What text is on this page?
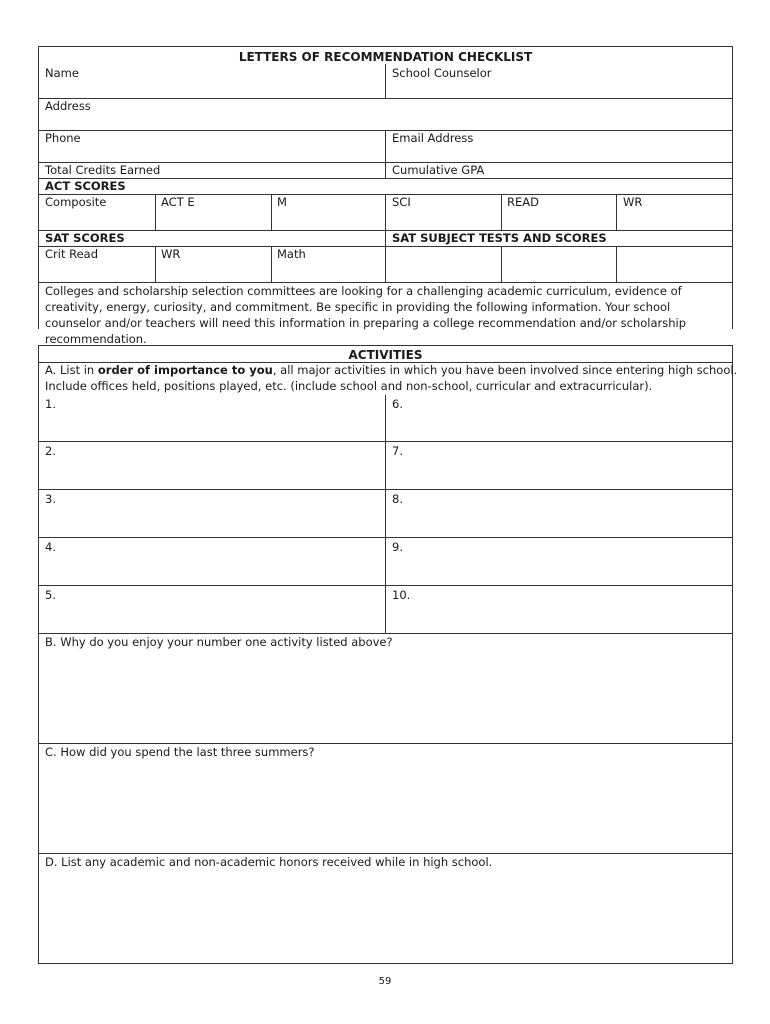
LETTERS OF RECOMMENDATION CHECKLIST
Name	School Counselor
Address
Phone	Email Address
Total Credits Earned	Cumulative GPA
ACT SCORES
Composite	ACT E	M	SCI	READ	WR
SAT SCORES	SAT SUBJECT TESTS AND SCORES
Crit Read	WR	Math
Colleges and scholarship selection committees are looking for a challenging academic curriculum, evidence of creativity, energy, curiosity, and commitment. Be specific in providing the following information. Your school counselor and/or teachers will need this information in preparing a college recommendation and/or scholarship recommendation.
ACTIVITIES
A. List in order of importance to you, all major activities in which you have been involved since entering high school.
Include offices held, positions played, etc. (include school and non-school, curricular and extracurricular).
1.	6.
2.	7.
3.	8.
4.	9.
5.	10.
B. Why do you enjoy your number one activity listed above?
C. How did you spend the last three summers?
D. List any academic and non-academic honors received while in high school.
59
